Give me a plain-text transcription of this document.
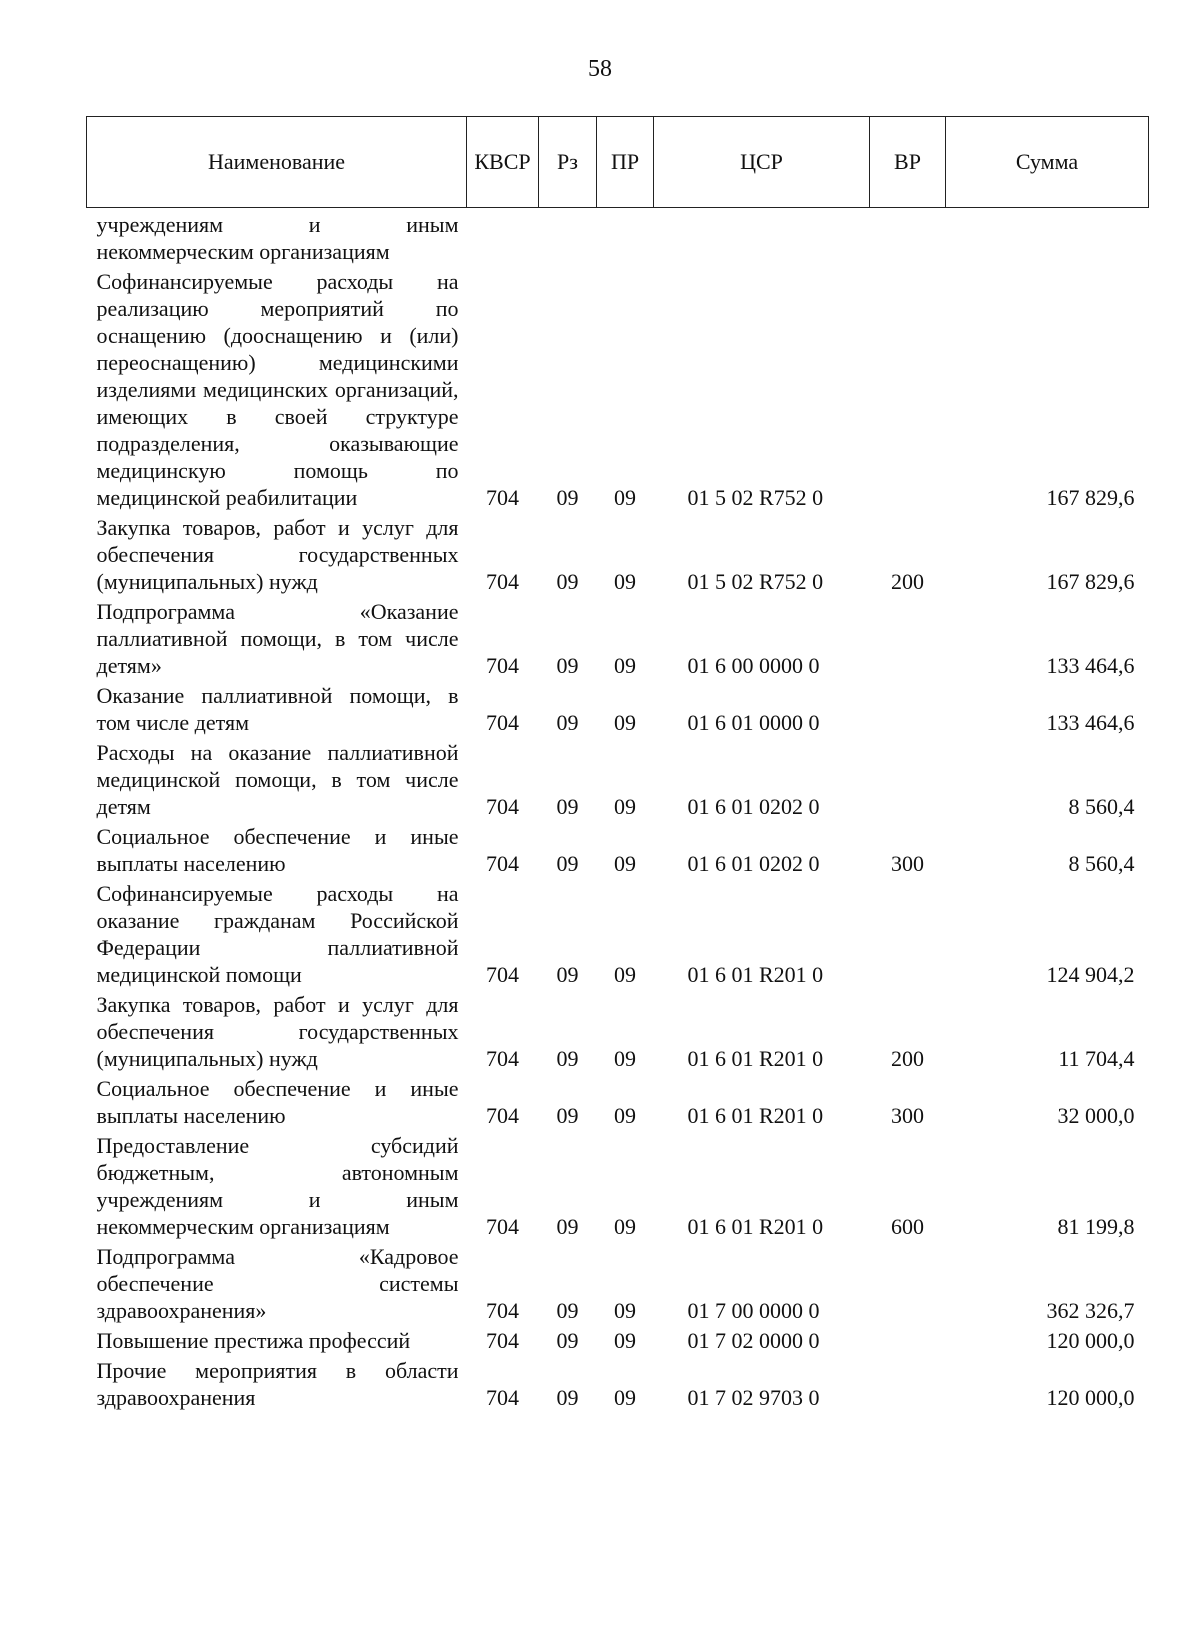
58
Наименование	КВСР	Рз	ПР	ЦСР	ВР	Сумма
учреждениям и иным некоммерческим организациям						
Софинансируемые расходы на реализацию мероприятий по оснащению (дооснащению и (или) переоснащению) медицинскими изделиями медицинских организаций, имеющих в своей структуре подразделения, оказывающие медицинскую помощь по медицинской реабилитации	704	09	09	01 5 02 R752 0		167 829,6
Закупка товаров, работ и услуг для обеспечения государственных (муниципальных) нужд	704	09	09	01 5 02 R752 0	200	167 829,6
Подпрограмма «Оказание паллиативной помощи, в том числе детям»	704	09	09	01 6 00 0000 0		133 464,6
Оказание паллиативной помощи, в том числе детям	704	09	09	01 6 01 0000 0		133 464,6
Расходы на оказание паллиативной медицинской помощи, в том числе детям	704	09	09	01 6 01 0202 0		8 560,4
Социальное обеспечение и иные выплаты населению	704	09	09	01 6 01 0202 0	300	8 560,4
Софинансируемые расходы на оказание гражданам Российской Федерации паллиативной медицинской помощи	704	09	09	01 6 01 R201 0		124 904,2
Закупка товаров, работ и услуг для обеспечения государственных (муниципальных) нужд	704	09	09	01 6 01 R201 0	200	11 704,4
Социальное обеспечение и иные выплаты населению	704	09	09	01 6 01 R201 0	300	32 000,0
Предоставление субсидий бюджетным, автономным учреждениям и иным некоммерческим организациям	704	09	09	01 6 01 R201 0	600	81 199,8
Подпрограмма «Кадровое обеспечение системы здравоохранения»	704	09	09	01 7 00 0000 0		362 326,7
Повышение престижа профессий	704	09	09	01 7 02 0000 0		120 000,0
Прочие мероприятия в области здравоохранения	704	09	09	01 7 02 9703 0		120 000,0
